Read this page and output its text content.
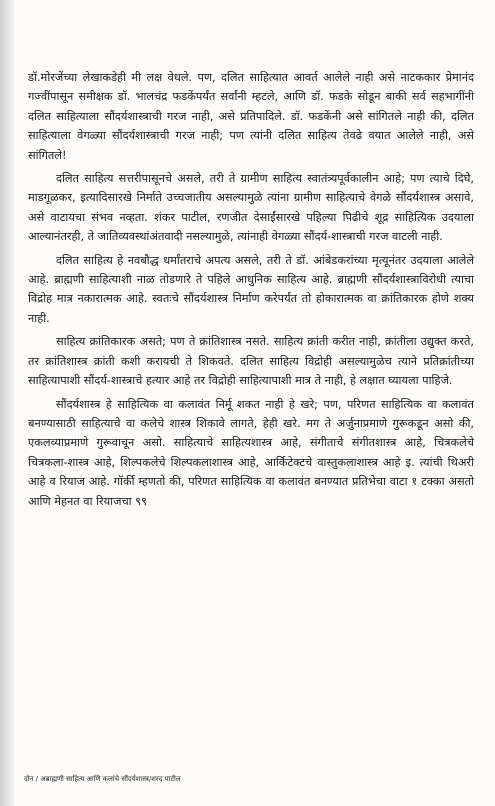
डॉ.मोरजेंच्या लेखाकडेही मी लक्ष वेधले. पण, दलित साहित्यात आवर्त आलेले नाही असे नाटककार प्रेमानंद गज्वींपासून समीक्षक डॉ. भालचंद्र फडकेंपर्यंत सर्वांनी म्हटले, आणि डॉ. फडके सोडून बाकी सर्व सहभागींनी दलित साहित्याला सौंदर्यशास्त्राची गरज नाही, असे प्रतिपादिले. डॉ. फडकेंनी असे सांगितले नाही की, दलित साहित्याला वेगळ्या सौंदर्यशास्त्राची गरज नाही; पण त्यांनी दलित साहित्य तेवढे वयात आलेले नाही, असे सांगितले!

दलित साहित्य सत्तरीपासूनचे असले, तरी ते ग्रामीण साहित्य स्वातंत्र्यपूर्वकालीन आहे; पण त्याचे दिघे, माडगूळकर, इत्यादिसारखे निर्माते उच्चजातीय असल्यामुळे त्यांना ग्रामीण साहित्याचे वेगळे सौंदर्यशास्त्र असावे, असे वाटायचा संभव नव्हता. शंकर पाटील, रणजीत देसाईंसारखे पहिल्या पिढीचे शूद्र साहित्यिक उदयाला आल्यानंतरही, ते जातिव्यवस्थांअंतवादी नसल्यामुळे, त्यांनाही वेगळ्या सौंदर्य-शास्त्राची गरज वाटली नाही.

दलित साहित्य हे नवबौद्ध धर्मांतराचे अपत्य असले, तरी ते डॉ. आंबेडकरांच्या मृत्यूनंतर उदयाला आलेले आहे. ब्राह्मणी साहित्याशी नाळ तोडणारे ते पहिले आधुनिक साहित्य आहे. ब्राह्मणी सौंदर्यशास्त्राविरोधी त्याचा विद्रोह मात्र नकारात्मक आहे. स्वतःचे सौंदर्यशास्त्र निर्माण करेपर्यंत तो होकारात्मक वा क्रांतिकारक होणे शक्य नाही.

साहित्य क्रांतिकारक असते; पण ते क्रांतिशास्त्र नसते. साहित्य क्रांती करीत नाही, क्रांतीला उद्युक्त करते, तर क्रांतिशास्त्र क्रांती कशी करायची ते शिकवते. दलित साहित्य विद्रोही असल्यामुळेच त्याने प्रतिक्रांतीच्या साहित्यापाशी सौंदर्य-शास्त्राचे हत्यार आहे तर विद्रोही साहित्यापाशी मात्र ते नाही, हे लक्षात घ्यायला पाहिजे.

सौंदर्यशास्त्र हे साहित्यिक वा कलावंत निर्मू शकत नाही हे खरे; पण, परिणत साहित्यिक वा कलावंत बनण्यासाठी साहित्याचे वा कलेचे शास्त्र शिकावे लागते, हेही खरे. मग ते अर्जुनाप्रमाणे गुरूकडून असो की, एकलव्याप्रमाणे गुरूवाचून असो. साहित्याचे साहित्यशास्त्र आहे, संगीताचे संगीतशास्त्र आहे, चित्रकलेचे चित्रकला-शास्त्र आहे, शिल्पकलेचे शिल्पकलाशास्त्र आहे, आर्किटेक्टचे वास्तुकलाशास्त्र आहे इ. त्यांची थिअरी आहे व रियाज आहे. गॉर्की म्हणतो की, परिणत साहित्यिक वा कलावंत बनण्यात प्रतिभेचा वाटा १ टक्का असतो आणि मेहनत वा रियाजचा ९९

दोन / अब्राह्मणी साहित्य आणि कलांचे सौंदर्यशास्त्र/शरद पाटील
